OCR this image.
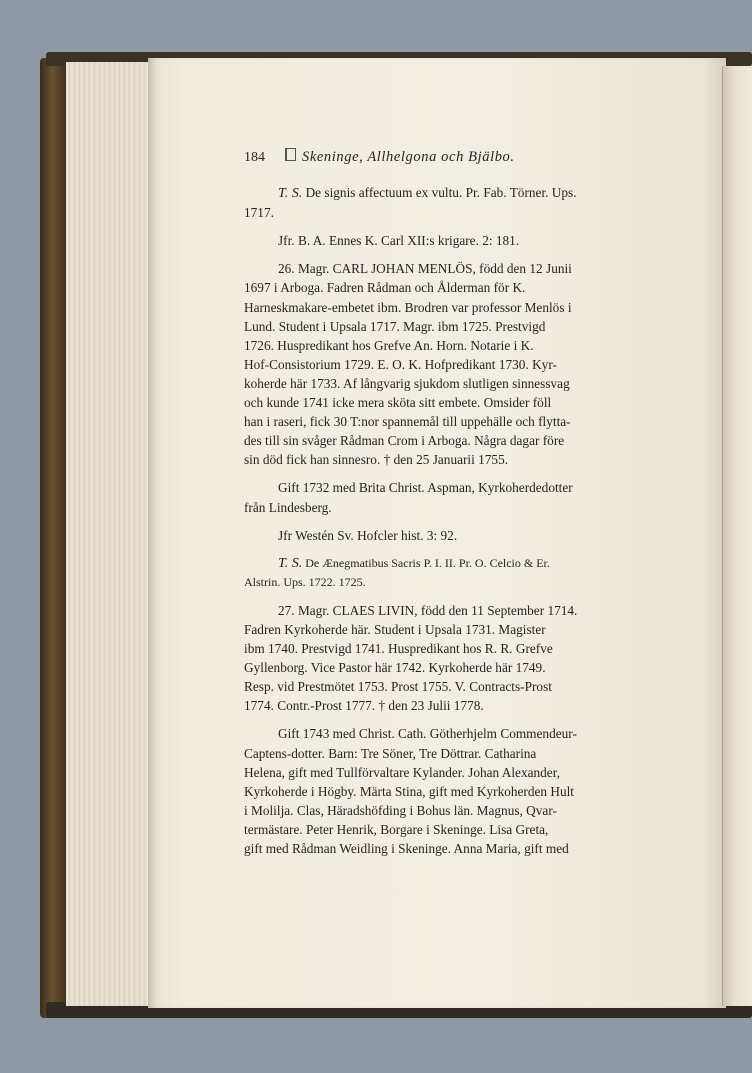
184	Skeninge, Allhelgona och Bjälbo.

T. S. De signis affectuum ex vultu. Pr. Fab. Törner. Ups.
1717.

Jfr. B. A. Ennes K. Carl XII:s krigare. 2: 181.

26. Magr. CARL JOHAN MENLÖS, född den 12 Junii
1697 i Arboga. Fadren Rådman och Ålderman för K.
Harneskmakare-embetet ibm. Brodren var professor Menlös i
Lund. Student i Upsala 1717. Magr. ibm 1725. Prestvigd
1726. Huspredikant hos Grefve An. Horn. Notarie i K.
Hof-Consistorium 1729. E. O. K. Hofpredikant 1730. Kyr-
koherde här 1733. Af långvarig sjukdom slutligen sinnessvag
och kunde 1741 icke mera sköta sitt embete. Omsider föll
han i raseri, fick 30 T:nor spannemål till uppehälle och flytta-
des till sin svåger Rådman Crom i Arboga. Några dagar före
sin död fick han sinnesro. † den 25 Januarii 1755.

Gift 1732 med Brita Christ. Aspman, Kyrkoherdedotter
från Lindesberg.

Jfr Westén Sv. Hofcler hist. 3: 92.

T. S. De Ænegmatibus Sacris P. I. II. Pr. O. Celcio & Er.
Alstrin. Ups. 1722. 1725.

27. Magr. CLAES LIVIN, född den 11 September 1714.
Fadren Kyrkoherde här. Student i Upsala 1731. Magister
ibm 1740. Prestvigd 1741. Huspredikant hos R. R. Grefve
Gyllenborg. Vice Pastor här 1742. Kyrkoherde här 1749.
Resp. vid Prestmötet 1753. Prost 1755. V. Contracts-Prost
1774. Contr.-Prost 1777. † den 23 Julii 1778.

Gift 1743 med Christ. Cath. Götherhjelm Commendeur-
Captens-dotter. Barn: Tre Söner, Tre Döttrar. Catharina
Helena, gift med Tullförvaltare Kylander. Johan Alexander,
Kyrkoherde i Högby. Märta Stina, gift med Kyrkoherden Hult
i Molilja. Clas, Häradshöfding i Bohus län. Magnus, Qvar-
termästare. Peter Henrik, Borgare i Skeninge. Lisa Greta,
gift med Rådman Weidling i Skeninge. Anna Maria, gift med
